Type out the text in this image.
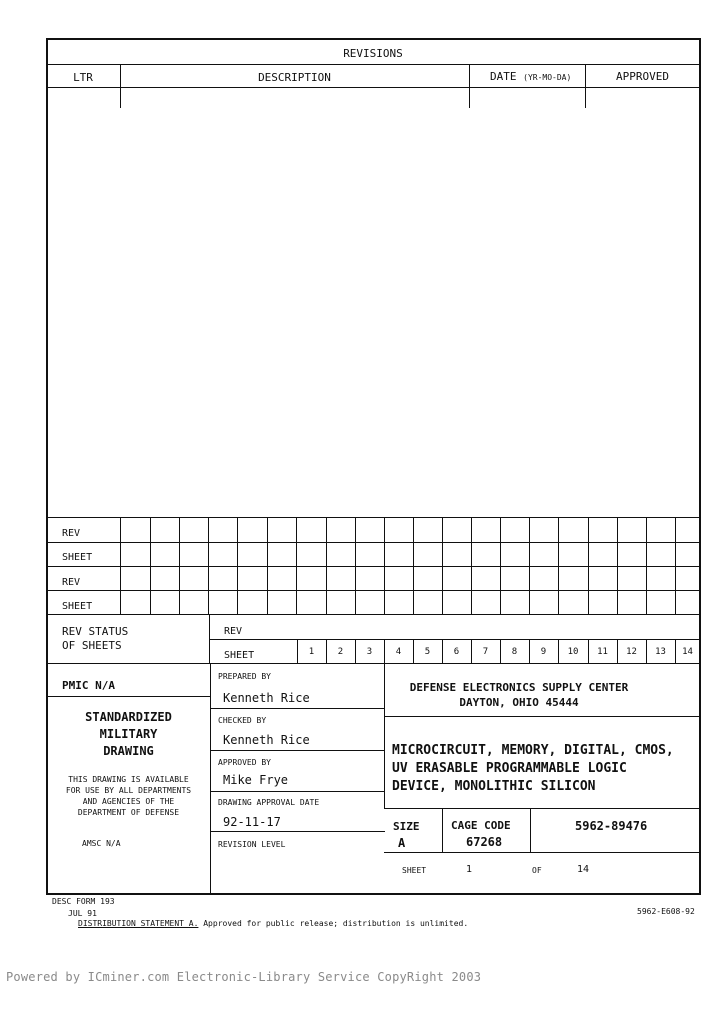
REVISIONS
LTR	DESCRIPTION	DATE (YR-MO-DA)	APPROVED
REV
SHEET
REV
SHEET
REV STATUS
OF SHEETS
REV
SHEET	1	2	3	4	5	6	7	8	9	10	11	12	13	14
PMIC N/A
STANDARDIZED
MILITARY
DRAWING
THIS DRAWING IS AVAILABLE
FOR USE BY ALL DEPARTMENTS
AND AGENCIES OF THE
DEPARTMENT OF DEFENSE
AMSC N/A
PREPARED BY
Kenneth Rice
CHECKED BY
Kenneth Rice
APPROVED BY
Mike Frye
DRAWING APPROVAL DATE
92-11-17
REVISION LEVEL
DEFENSE ELECTRONICS SUPPLY CENTER
DAYTON, OHIO 45444
MICROCIRCUIT, MEMORY, DIGITAL, CMOS,
UV ERASABLE PROGRAMMABLE LOGIC
DEVICE, MONOLITHIC SILICON
SIZE
A
CAGE CODE
67268
5962-89476
SHEET	1	OF	14
DESC FORM 193
JUL 91
DISTRIBUTION STATEMENT A. Approved for public release; distribution is unlimited.
5962-E608-92
Powered by ICminer.com Electronic-Library Service CopyRight 2003
